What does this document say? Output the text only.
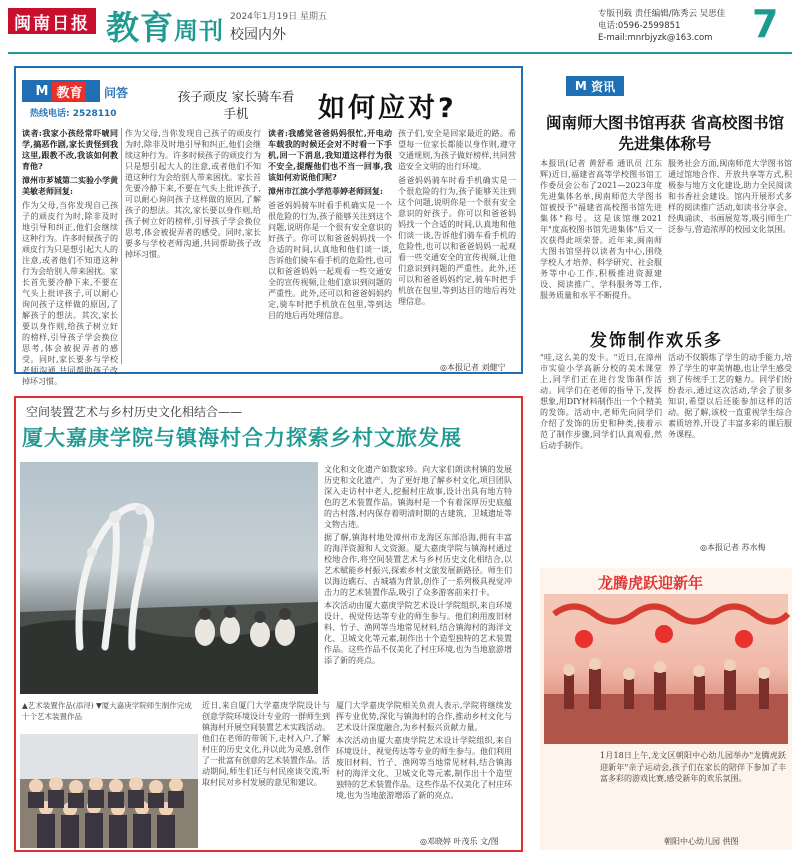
闽南日报 教育周刊 2024年1月19日 星期五
校园内外
专版刊载 责任编辑/陈秀云 吴思佳
电话:0596-2599851
E-mail:mnrbjyzk@163.com	7
M 教育	问答
热线电话: 2528110
孩子顽皮 家长骑车看手机	如何应对?

读者:我家小孩经常吓唬同学,搞恶作剧,家长责怪到我这里,跟教不改,我该如何教育他?

漳州市芗城第二实验小学黄美敏老师回复:

作为父母,当你发现自己孩子的顽皮行为时,除非及时地引导和纠正,他们会继续这种行为。许多时候孩子的顽皮行为只是想引起大人的注意,或者他们不知道这种行为会给别人带来困扰。家长首先要冷静下来,不要在气头上批评孩子,可以耐心询问孩子这样做的原因,了解孩子的想法。其次,家长要以身作则,给孩子树立好的榜样,引导孩子学会换位思考,体会被捉弄者的感受。同时,家长要多与学校老师沟通,共同帮助孩子改掉坏习惯。

作为父母,当你发现自己孩子的顽皮行为时,除非及时地引导和纠正,他们会继续这种行为。许多时候孩子的顽皮行为只是想引起大人的注意,或者他们不知道这种行为会给别人带来困扰。家长首先要冷静下来,不要在气头上批评孩子,可以耐心询问孩子这样做的原因,了解孩子的想法。其次,家长要以身作则,给孩子树立好的榜样,引导孩子学会换位思考,体会被捉弄者的感受。同时,家长要多与学校老师沟通,共同帮助孩子改掉坏习惯。

读者:我感觉爸爸妈妈很忙,开电动车载我的时候还会对不时看一下手机,回一下消息,我知道这样行为很不安全,提醒他们也不当一回事,我该如何劝说他们呢?

漳州市江滨小学范菲婷老师回复:

爸爸妈妈骑车时看手机确实是一个很危险的行为,孩子能够关注到这个问题,说明你是一个很有安全意识的好孩子。你可以和爸爸妈妈找一个合适的时间,认真地和他们谈一谈,告诉他们骑车看手机的危险性,也可以和爸爸妈妈一起观看一些交通安全的宣传视频,让他们意识到问题的严重性。此外,还可以和爸爸妈妈约定,骑车时把手机放在包里,等到达目的地后再处理信息。

孩子们,安全是回家最近的路。希望每一位家长都能以身作则,遵守交通规则,为孩子做好榜样,共同营造安全文明的出行环境。

爸爸妈妈骑车时看手机确实是一个很危险的行为,孩子能够关注到这个问题,说明你是一个很有安全意识的好孩子。你可以和爸爸妈妈找一个合适的时间,认真地和他们谈一谈,告诉他们骑车看手机的危险性,也可以和爸爸妈妈一起观看一些交通安全的宣传视频,让他们意识到问题的严重性。此外,还可以和爸爸妈妈约定,骑车时把手机放在包里,等到达目的地后再处理信息。

◎本报记者 刘健宁
M
资讯
闽南师大图书馆再获 省高校图书馆先进集体称号

本报讯(记者 黄舒希 通讯员 江东辉)近日,福建省高等学校图书馆工作委员会公布了2021—2023年度先进集体名单,闽南师范大学图书馆被授予"福建省高校图书馆先进集体"称号。这是该馆继2021年"度高校图书馆先进集体"后又一次获得此项荣誉。近年来,闽南师大图书馆坚持以读者为中心,围绕学校人才培养、科学研究、社会服务等中心工作,积极推进资源建设、阅读推广、学科服务等工作,服务质量和水平不断提升。

服务社会方面,闽南师范大学图书馆通过馆地合作、开放共享等方式,积极参与地方文化建设,助力全民阅读和书香社会建设。馆内开展形式多样的阅读推广活动,如读书分享会、经典诵读、书画展览等,吸引师生广泛参与,营造浓厚的校园文化氛围。

发饰制作欢乐多

"哇,这么美的发卡。"近日,在漳州市实验小学高新分校的美术课堂上,同学们正在进行发饰制作活动。同学们在老师的指导下,发挥想象,用DIY材料制作出一个个精美的发饰。活动中,老师先向同学们介绍了发饰的历史和种类,接着示范了制作步骤,同学们认真观看,然后动手制作。

活动不仅锻炼了学生的动手能力,培养了学生的审美情趣,也让学生感受到了传统手工艺的魅力。同学们纷纷表示,通过这次活动,学会了很多知识,希望以后还能参加这样的活动。据了解,该校一直重视学生综合素质培养,开设了丰富多彩的课后服务课程。

◎本报记者 苏水梅
龙腾虎跃迎新年
1月18日上午,龙文区朝阳中心幼儿园举办"龙腾虎跃迎新年"亲子运动会,孩子们在家长的陪伴下参加了丰富多彩的游戏比赛,感受新年的欢乐氛围。
朝阳中心幼儿园 供图
空间装置艺术与乡村历史文化相结合——
厦大嘉庚学院与镇海村合力探索乡村文旅发展
▲艺术装置作品(添浔) ▼厦大嘉庚学院师生制作完成十个艺术装置作品

文化和文化遗产如数家珍。向大家们朗读村镇的发展历史和文化遗产。为了更好地了解乡村文化,项目团队深入走访村中老人,挖掘村庄故事,设计出具有地方特色的艺术装置作品。镇海村是一个有着深厚历史底蕴的古村落,村内保存着明清时期的古建筑、卫城遗址等文物古迹。

据了解,镇海村地处漳州市龙海区东部沿海,拥有丰富的海洋资源和人文资源。厦大嘉庚学院与镇海村通过校地合作,将空间装置艺术与乡村历史文化相结合,以艺术赋能乡村振兴,探索乡村文旅发展新路径。师生们以海边礁石、古城墙为背景,创作了一系列极具视觉冲击力的艺术装置作品,吸引了众多游客前来打卡。

本次活动由厦大嘉庚学院艺术设计学院组织,来自环境设计、视觉传达等专业的师生参与。他们利用废旧材料、竹子、渔网等当地常见材料,结合镇海村的海洋文化、卫城文化等元素,制作出十个造型独特的艺术装置作品。这些作品不仅美化了村庄环境,也为当地旅游增添了新的亮点。

近日,来自厦门大学嘉庚学院设计与创意学院环境设计专业的一群师生到镇海村开展空间装置艺术实践活动。他们在老师的带领下,走村入户,了解村庄的历史文化,并以此为灵感,创作了一批富有创意的艺术装置作品。活动期间,师生们还与村民座谈交流,听取村民对乡村发展的意见和建议。

厦门大学嘉庚学院相关负责人表示,学院将继续发挥专业优势,深化与镇海村的合作,推动乡村文化与艺术设计深度融合,为乡村振兴贡献力量。

本次活动由厦大嘉庚学院艺术设计学院组织,来自环境设计、视觉传达等专业的师生参与。他们利用废旧材料、竹子、渔网等当地常见材料,结合镇海村的海洋文化、卫城文化等元素,制作出十个造型独特的艺术装置作品。这些作品不仅美化了村庄环境,也为当地旅游增添了新的亮点。

◎邓晓婷 叶茂乐 文/图
